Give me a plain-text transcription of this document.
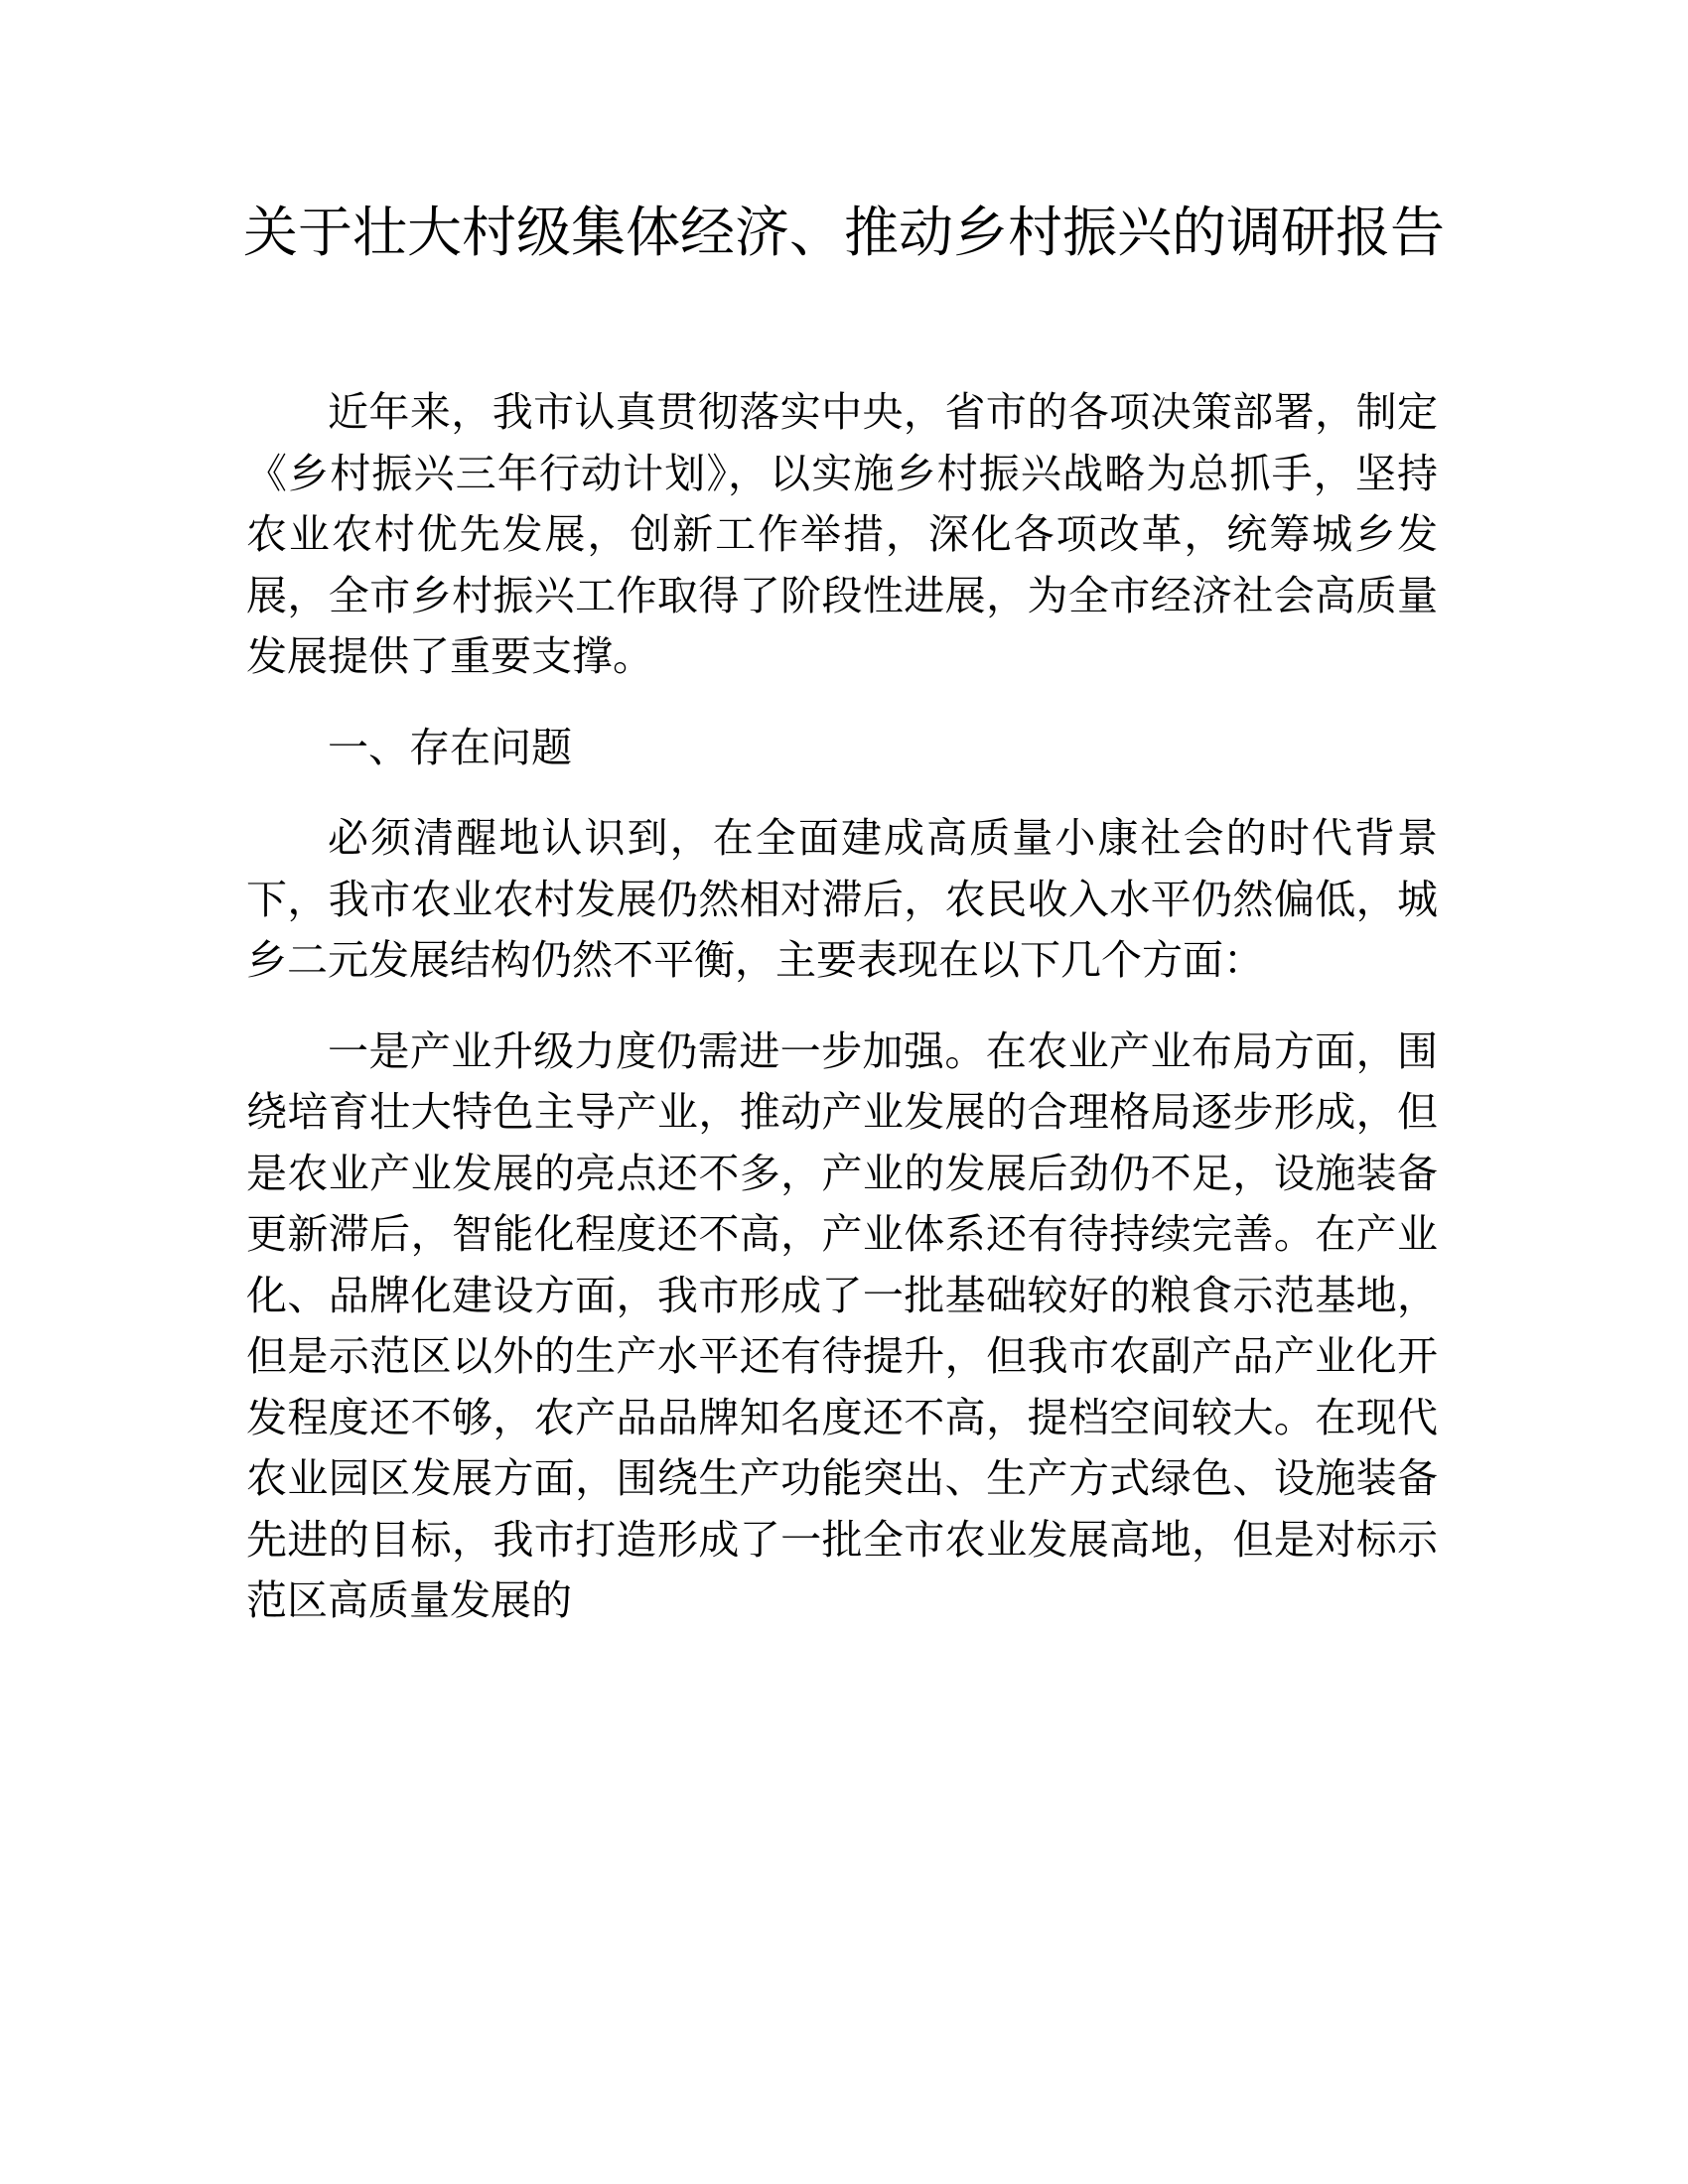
关于壮大村级集体经济、推动乡村振兴的调研报告

近年来，我市认真贯彻落实中央，省市的各项决策部署，制定《乡村振兴三年行动计划》，以实施乡村振兴战略为总抓手，坚持农业农村优先发展，创新工作举措，深化各项改革，统筹城乡发展，全市乡村振兴工作取得了阶段性进展，为全市经济社会高质量发展提供了重要支撑。

一、存在问题

必须清醒地认识到，在全面建成高质量小康社会的时代背景下，我市农业农村发展仍然相对滞后，农民收入水平仍然偏低，城乡二元发展结构仍然不平衡，主要表现在以下几个方面：

一是产业升级力度仍需进一步加强。在农业产业布局方面，围绕培育壮大特色主导产业，推动产业发展的合理格局逐步形成，但是农业产业发展的亮点还不多，产业的发展后劲仍不足，设施装备更新滞后，智能化程度还不高，产业体系还有待持续完善。在产业化、品牌化建设方面，我市形成了一批基础较好的粮食示范基地，但是示范区以外的生产水平还有待提升，但我市农副产品产业化开发程度还不够，农产品品牌知名度还不高，提档空间较大。在现代农业园区发展方面，围绕生产功能突出、生产方式绿色、设施装备先进的目标，我市打造形成了一批全市农业发展高地，但是对标示范区高质量发展的
